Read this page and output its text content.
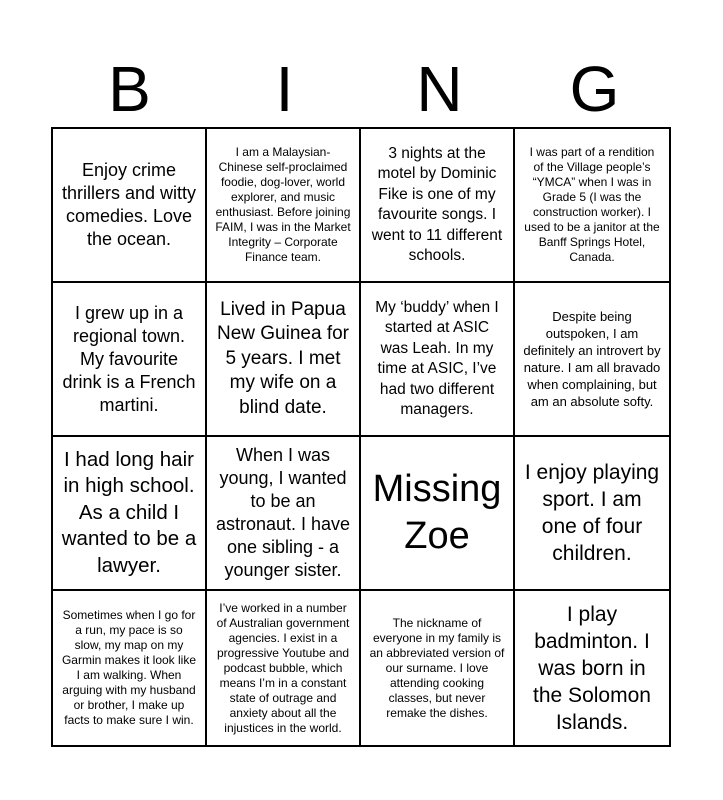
B	I	N	G
Enjoy crime thrillers and witty comedies. Love the ocean.
I am a Malaysian-Chinese self-proclaimed foodie, dog-lover, world explorer, and music enthusiast. Before joining FAIM, I was in the Market Integrity – Corporate Finance team.
3 nights at the motel by Dominic Fike is one of my favourite songs. I went to 11 different schools.
I was part of a rendition of the Village people’s “YMCA” when I was in Grade 5 (I was the construction worker). I used to be a janitor at the Banff Springs Hotel, Canada.
I grew up in a regional town. My favourite drink is a French martini.
Lived in Papua New Guinea for 5 years. I met my wife on a blind date.
My ‘buddy’ when I started at ASIC was Leah. In my time at ASIC, I’ve had two different managers.
Despite being outspoken, I am definitely an introvert by nature. I am all bravado when complaining, but am an absolute softy.
I had long hair in high school. As a child I wanted to be a lawyer.
When I was young, I wanted to be an astronaut. I have one sibling - a younger sister.
Missing Zoe
I enjoy playing sport. I am one of four children.
Sometimes when I go for a run, my pace is so slow, my map on my Garmin makes it look like I am walking. When arguing with my husband or brother, I make up facts to make sure I win.
I’ve worked in a number of Australian government agencies. I exist in a progressive Youtube and podcast bubble, which means I’m in a constant state of outrage and anxiety about all the injustices in the world.
The nickname of everyone in my family is an abbreviated version of our surname. I love attending cooking classes, but never remake the dishes.
I play badminton. I was born in the Solomon Islands.
